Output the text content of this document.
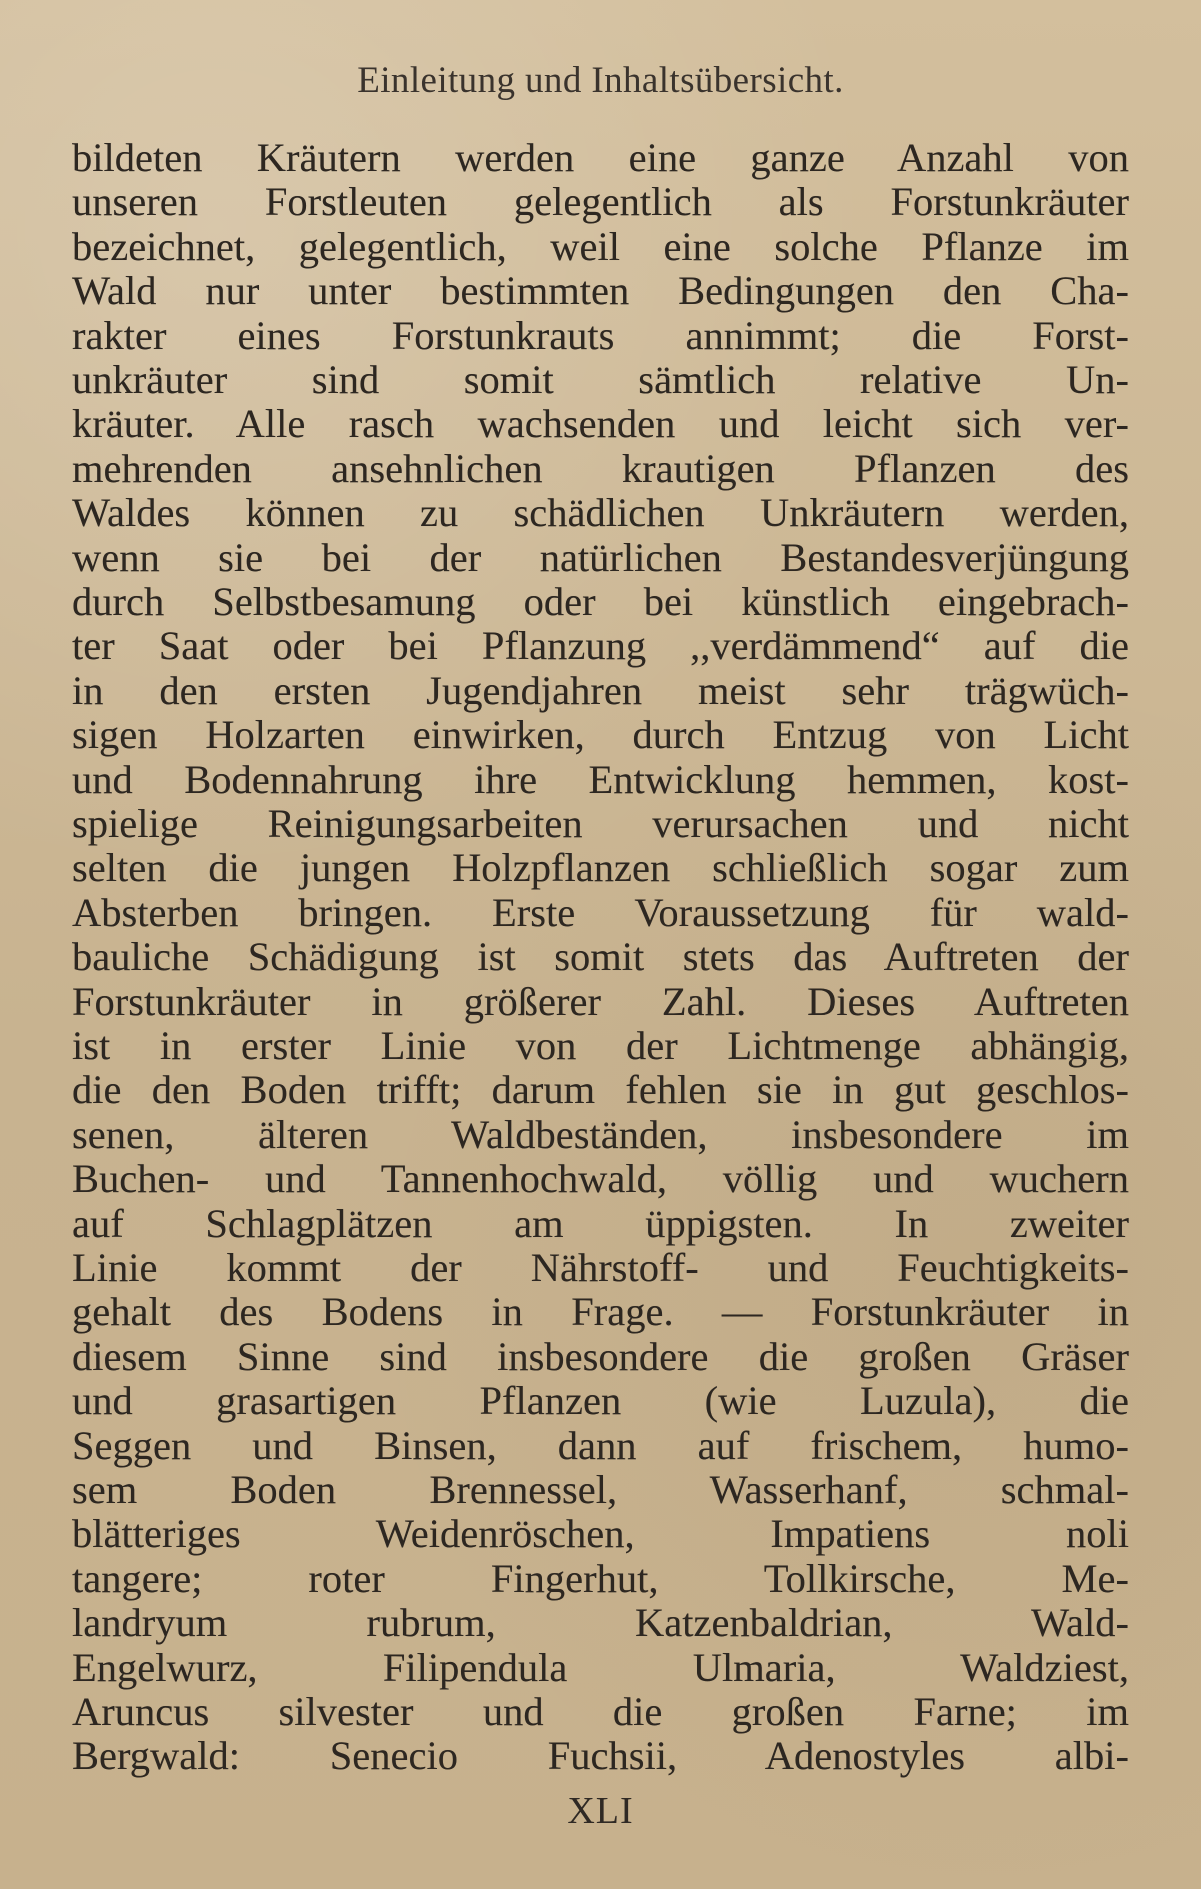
Einleitung und Inhaltsübersicht.
bildeten Kräutern werden eine ganze Anzahl von
unseren Forstleuten gelegentlich als Forstunkräuter
bezeichnet, gelegentlich, weil eine solche Pflanze im
Wald nur unter bestimmten Bedingungen den Cha-
rakter eines Forstunkrauts annimmt; die Forst-
unkräuter sind somit sämtlich relative Un-
kräuter. Alle rasch wachsenden und leicht sich ver-
mehrenden ansehnlichen krautigen Pflanzen des
Waldes können zu schädlichen Unkräutern werden,
wenn sie bei der natürlichen Bestandesverjüngung
durch Selbstbesamung oder bei künstlich eingebrach-
ter Saat oder bei Pflanzung ,,verdämmend“ auf die
in den ersten Jugendjahren meist sehr trägwüch-
sigen Holzarten einwirken, durch Entzug von Licht
und Bodennahrung ihre Entwicklung hemmen, kost-
spielige Reinigungsarbeiten verursachen und nicht
selten die jungen Holzpflanzen schließlich sogar zum
Absterben bringen. Erste Voraussetzung für wald-
bauliche Schädigung ist somit stets das Auftreten der
Forstunkräuter in größerer Zahl. Dieses Auftreten
ist in erster Linie von der Lichtmenge abhängig,
die den Boden trifft; darum fehlen sie in gut geschlos-
senen, älteren Waldbeständen, insbesondere im
Buchen- und Tannenhochwald, völlig und wuchern
auf Schlagplätzen am üppigsten. In zweiter
Linie kommt der Nährstoff- und Feuchtigkeits-
gehalt des Bodens in Frage. — Forstunkräuter in
diesem Sinne sind insbesondere die großen Gräser
und grasartigen Pflanzen (wie Luzula), die
Seggen und Binsen, dann auf frischem, humo-
sem Boden Brennessel, Wasserhanf, schmal-
blätteriges Weidenröschen, Impatiens noli
tangere; roter Fingerhut, Tollkirsche, Me-
landryum rubrum, Katzenbaldrian, Wald-
Engelwurz, Filipendula Ulmaria, Waldziest,
Aruncus silvester und die großen Farne; im
Bergwald: Senecio Fuchsii, Adenostyles albi-
XLI
